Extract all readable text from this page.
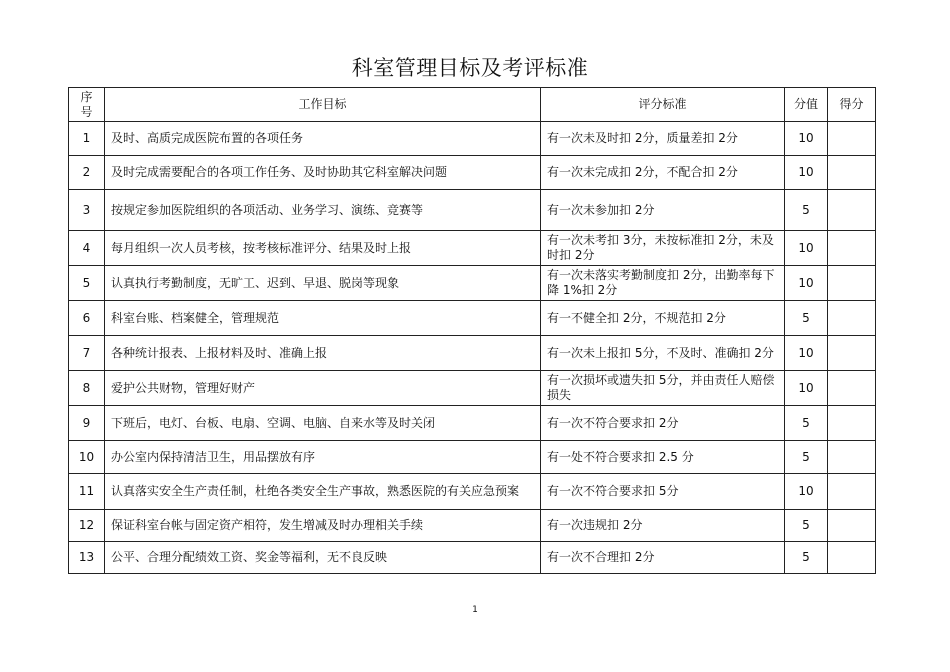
科室管理目标及考评标准
序
号	工作目标	评分标准	分值	得分
1	及时、高质完成医院布置的各项任务	有一次未及时扣 2分，质量差扣 2分	10	
2	及时完成需要配合的各项工作任务、及时协助其它科室解决问题	有一次未完成扣 2分，不配合扣 2分	10	
3	按规定参加医院组织的各项活动、业务学习、演练、竞赛等	有一次未参加扣 2分	5	
4	每月组织一次人员考核，按考核标准评分、结果及时上报	有一次未考扣 3分，未按标准扣 2分，未及时扣 2分	10	
5	认真执行考勤制度，无旷工、迟到、早退、脱岗等现象	有一次未落实考勤制度扣 2分，出勤率每下降 1%扣 2分	10	
6	科室台账、档案健全，管理规范	有一不健全扣 2分，不规范扣 2分	5	
7	各种统计报表、上报材料及时、准确上报	有一次未上报扣 5分，不及时、准确扣 2分	10	
8	爱护公共财物，管理好财产	有一次损坏或遗失扣 5分，并由责任人赔偿损失	10	
9	下班后，电灯、台板、电扇、空调、电脑、自来水等及时关闭	有一次不符合要求扣 2分	5	
10	办公室内保持清洁卫生，用品摆放有序	有一处不符合要求扣 2.5 分	5	
11	认真落实安全生产责任制，杜绝各类安全生产事故，熟悉医院的有关应急预案	有一次不符合要求扣 5分	10	
12	保证科室台帐与固定资产相符，发生增减及时办理相关手续	有一次违规扣 2分	5	
13	公平、合理分配绩效工资、奖金等福利，无不良反映	有一次不合理扣 2分	5	
1
